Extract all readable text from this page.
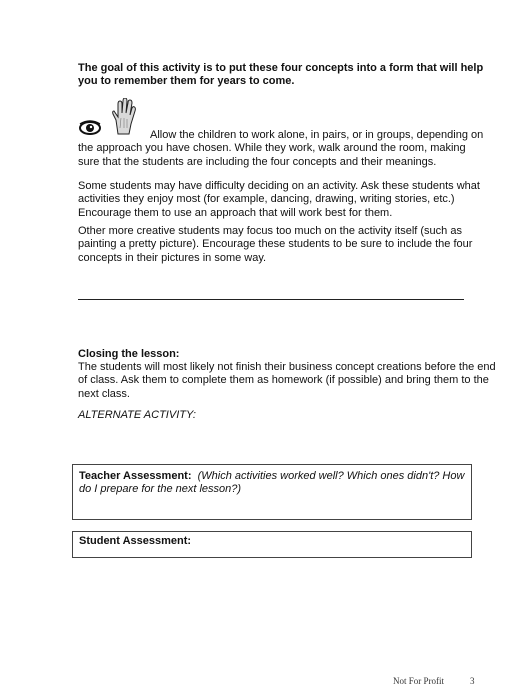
The goal of this activity is to put these four concepts into a form that will help you to remember them for years to come.

Allow the children to work alone, in pairs, or in groups, depending on the approach you have chosen. While they work, walk around the room, making sure that the students are including the four concepts and their meanings.

Some students may have difficulty deciding on an activity. Ask these students what activities they enjoy most (for example, dancing, drawing, writing stories, etc.) Encourage them to use an approach that will work best for them.

Other more creative students may focus too much on the activity itself (such as painting a pretty picture). Encourage these students to be sure to include the four concepts in their pictures in some way.

Closing the lesson:

The students will most likely not finish their business concept creations before the end of class. Ask them to complete them as homework (if possible) and bring them to the next class.

ALTERNATE ACTIVITY:

Teacher Assessment: (Which activities worked well? Which ones didn't? How do I prepare for the next lesson?)
Student Assessment:
Not For Profit	3
